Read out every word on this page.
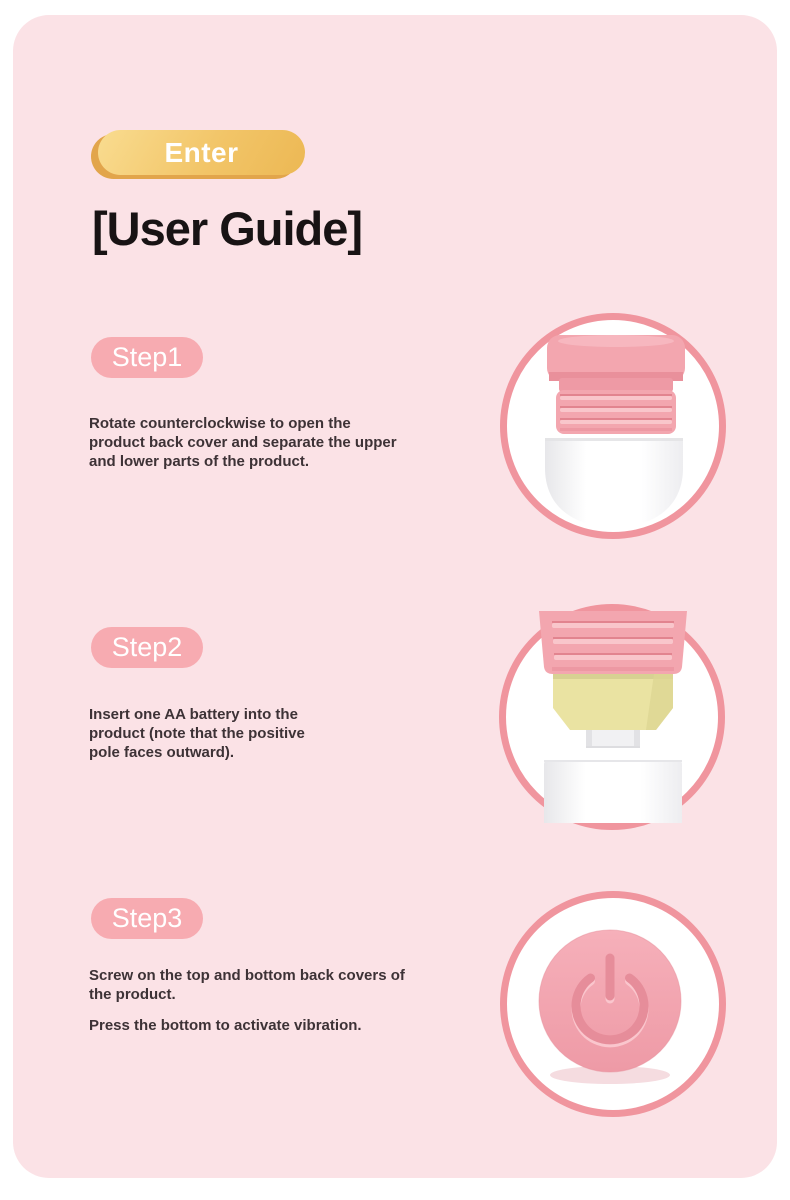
Enter
[User Guide]
Step1
Rotate counterclockwise to open the
product back cover and separate the upper
and lower parts of the product.
Step2
Insert one AA battery into the
product (note that the positive
pole faces outward).
Step3
Screw on the top and bottom back covers of
the product.
Press the bottom to activate vibration.
